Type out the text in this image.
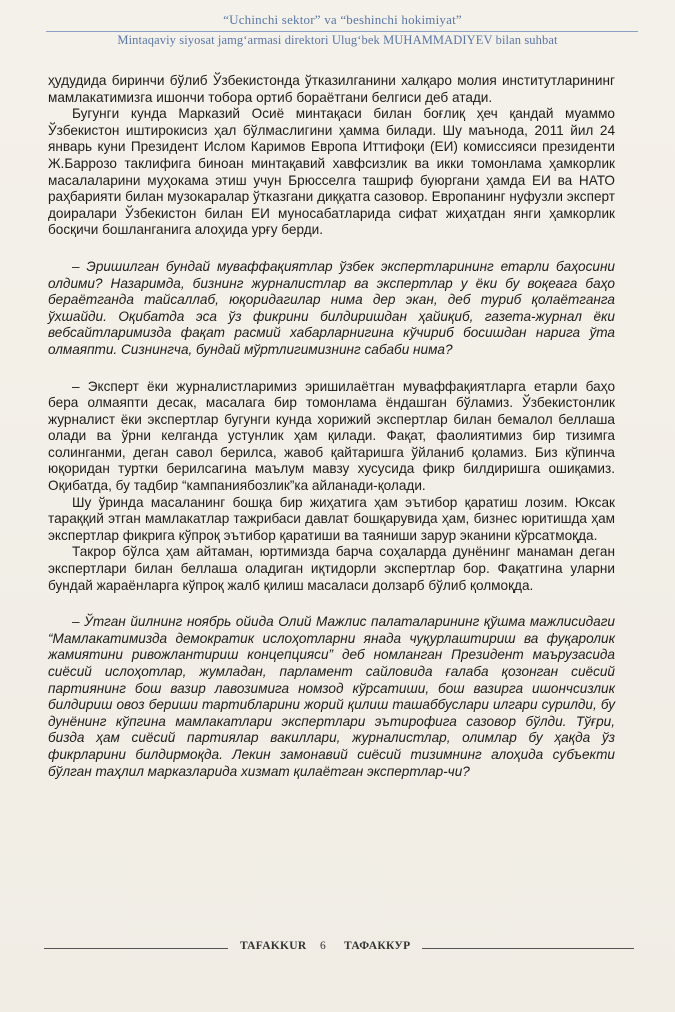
“Uchinchi sektor” va “beshinchi hokimiyat”
Mintaqaviy siyosat jamg‘armasi direktori Ulug‘bek MUHAMMADIYEV bilan suhbat

ҳудудида биринчи бўлиб Ўзбекистонда ўтказилганини халқаро молия институтларининг мамлакатимизга ишончи тобора ортиб бораётгани белгиси деб атади.

Бугунги кунда Марказий Осиё минтақаси билан боғлиқ ҳеч қандай муаммо Ўзбекистон иштирокисиз ҳал бўлмаслигини ҳамма билади. Шу маънода, 2011 йил 24 январь куни Президент Ислом Каримов Европа Иттифоқи (ЕИ) комиссияси президенти Ж.Баррозо таклифига биноан минтақавий хавфсизлик ва икки томонлама ҳамкорлик масалаларини муҳокама этиш учун Брюсселга ташриф буюргани ҳамда ЕИ ва НАТО раҳбарияти билан музокаралар ўтказгани диққатга сазовор. Европанинг нуфузли эксперт доиралари Ўзбекистон билан ЕИ муносабатларида сифат жиҳатдан янги ҳамкорлик босқичи бошланганига алоҳида урғу берди.

– Эришилган бундай муваффақиятлар ўзбек экспертларининг етарли баҳосини олдими? Назаримда, бизнинг журналистлар ва экспертлар у ёки бу воқеага баҳо бераётганда тайсаллаб, юқоридагилар нима дер экан, деб туриб қолаётганга ўхшайди. Оқибатда эса ўз фикрини билдиришдан ҳайиқиб, газета-журнал ёки вебсайтларимизда фақат расмий хабарларнигина кўчириб босишдан нарига ўта олмаяпти. Сизнингча, бундай мўртлигимизнинг сабаби нима?

– Эксперт ёки журналистларимиз эришилаётган муваффақиятларга етарли баҳо бера олмаяпти десак, масалага бир томонлама ёндашган бўламиз. Ўзбекистонлик журналист ёки экспертлар бугунги кунда хорижий экспертлар билан бемалол беллаша олади ва ўрни келганда устунлик ҳам қилади. Фақат, фаолиятимиз бир тизимга солинганми, деган савол берилса, жавоб қайтаришга ўйланиб қоламиз. Биз кўпинча юқоридан туртки берилсагина маълум мавзу хусусида фикр билдиришга ошиқамиз. Оқибатда, бу тадбир “кампаниябозлик”ка айланади-қолади.

Шу ўринда масаланинг бошқа бир жиҳатига ҳам эътибор қаратиш лозим. Юксак тараққий этган мамлакатлар тажрибаси давлат бошқарувида ҳам, бизнес юритишда ҳам экспертлар фикрига кўпроқ эътибор қаратиши ва таяниши зарур эканини кўрсатмоқда.

Такрор бўлса ҳам айтаман, юртимизда барча соҳаларда дунёнинг манаман деган экспертлари билан беллаша оладиган иқтидорли экспертлар бор. Фақатгина уларни бундай жараёнларга кўпроқ жалб қилиш масаласи долзарб бўлиб қолмоқда.

– Ўтган йилнинг ноябрь ойида Олий Мажлис палаталарининг қўшма мажлисидаги “Мамлакатимизда демократик ислоҳотларни янада чуқурлаштириш ва фуқаролик жамиятини ривожлантириш концепцияси” деб номланган Президент маърузасида сиёсий ислоҳотлар, жумладан, парламент сайловида ғалаба қозонган сиёсий партиянинг бош вазир лавозимига номзод кўрсатиши, бош вазирга ишончсизлик билдириш овоз бериши тартибларини жорий қилиш ташаббуслари илгари сурилди, бу дунёнинг кўпгина мамлакатлари экспертлари эътирофига сазовор бўлди. Тўғри, бизда ҳам сиёсий партиялар вакиллари, журналистлар, олимлар бу ҳақда ўз фикрларини билдирмоқда. Лекин замонавий сиёсий тизимнинг алоҳида субъекти бўлган таҳлил марказларида хизмат қилаётган экспертлар-чи?

TAFAKKUR 6 ТАФАККУР
